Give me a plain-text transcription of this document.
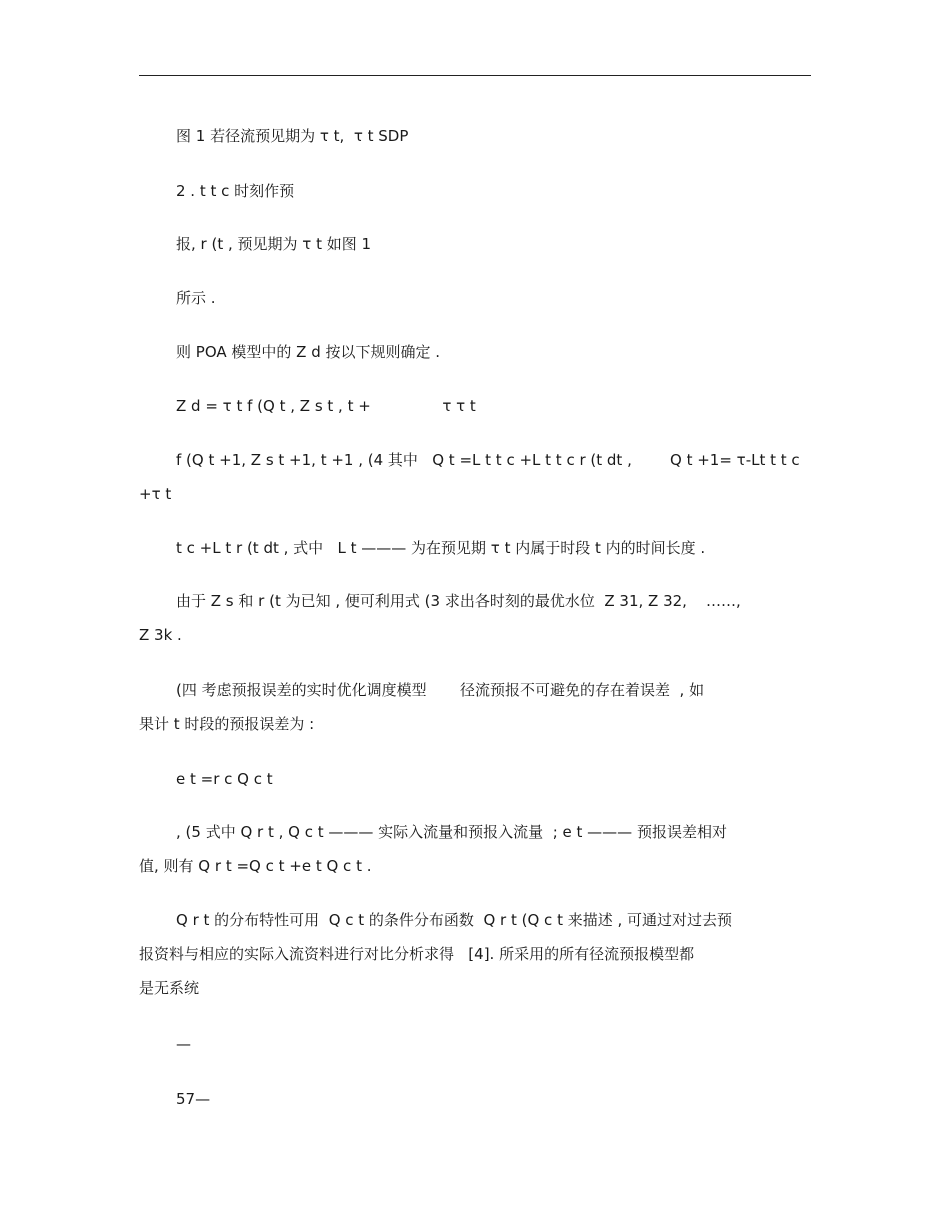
图 1 若径流预见期为 τ t,  τ t SDP

2 . t t c 时刻作预

报, r (t , 预见期为 τ t 如图 1

所示 .

则 POA 模型中的 Z d 按以下规则确定 .

Z d = τ t f (Q t , Z s t , t +               τ τ t

f (Q t +1, Z s t +1, t +1 , (4 其中   Q t =L t t c +L t t c r (t dt ,        Q t +1= τ-Lt t t c

+τ t

t c +L t r (t dt , 式中   L t ——— 为在预见期 τ t 内属于时段 t 内的时间长度 .

由于 Z s 和 r (t 为已知 , 便可利用式 (3 求出各时刻的最优水位  Z 31, Z 32,    ……,

Z 3k .

(四 考虑预报误差的实时优化调度模型       径流预报不可避免的存在着误差  , 如

果计 t 时段的预报误差为 :

e t =r c Q c t

, (5 式中 Q r t , Q c t ——— 实际入流量和预报入流量  ; e t ——— 预报误差相对

值, 则有 Q r t =Q c t +e t Q c t .

Q r t 的分布特性可用  Q c t 的条件分布函数  Q r t (Q c t 来描述 , 可通过对过去预

报资料与相应的实际入流资料进行对比分析求得   [4]. 所采用的所有径流预报模型都

是无系统

—

57—
